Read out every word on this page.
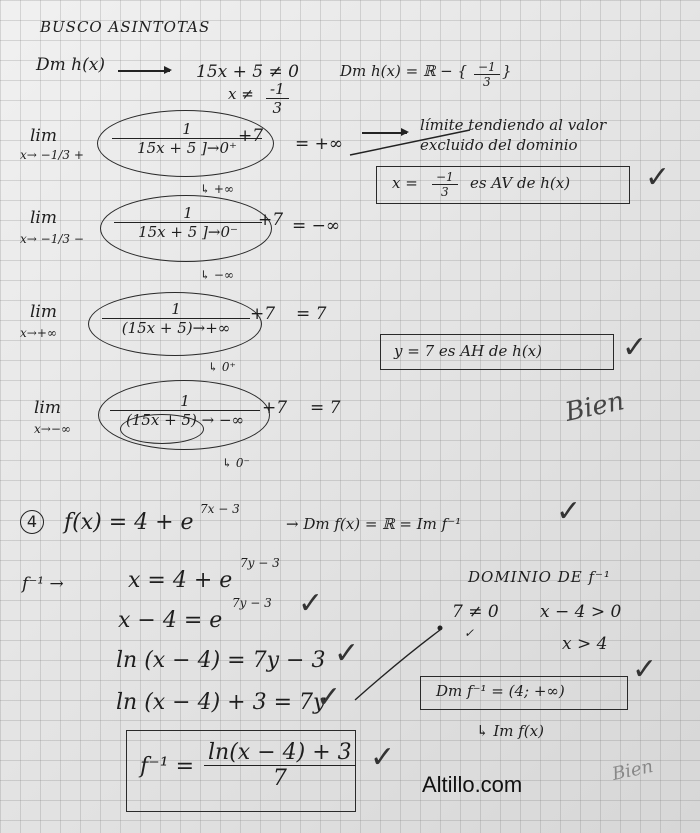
BUSCO ASINTOTAS
Dm h(x)	15x + 5 ≠ 0
$x \ne \frac{-1}{3}$
Dm h(x) = ℝ − { $\frac{-1}{3}$ }
lim
$x\to -1/3 + \frac{1}{15x + 5 ]\to 0^+}$
+7 = +∞
↳ +∞
límite tendiendo al valor
excluido del dominio
$x = \frac{-1}{3}$ es AV de h(x) ✓
lim
$x\to -1/3 - \frac{1}{15x + 5 ]\to 0^-}$
+7 = −∞
↳ −∞
lim
x→+∞	$\frac{1}{(15x + 5)\to+\infty} +7 = 7$
↳ 0⁺
y = 7 es AH de h(x)	✓
Bien
lim
x→−∞	$\frac{1}{(15x + 5) \to -\infty} +7 = 7$
↳ 0⁻
4	f(x) = 4 + e
7x − 3
→ Dm f(x) = ℝ = Im f⁻¹	✓
f⁻¹ →	x = 4 + e
7y − 3
x − 4 = e
7y − 3 ✓
ln (x − 4) = 7y − 3 ✓
ln (x − 4) + 3 = 7y
✓
$f^{-1} = \frac{\ln(x - 4) + 3}{7}$ ✓
DOMINIO DE f⁻¹
7 ≠ 0 x − 4 > 0
✓
x > 4
Dm f⁻¹ = (4; +∞)
✓
↳ Im f(x)
Altillo.com	Bien
